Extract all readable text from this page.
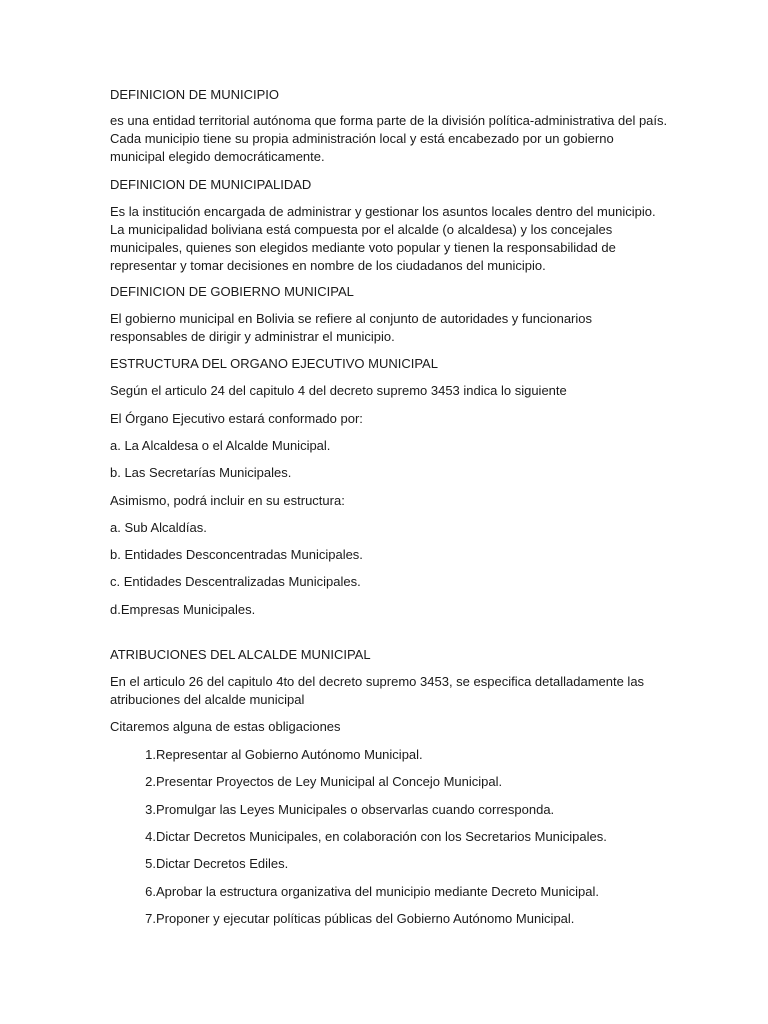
DEFINICION DE MUNICIPIO

es una entidad territorial autónoma que forma parte de la división política-administrativa del país. Cada municipio tiene su propia administración local y está encabezado por un gobierno municipal elegido democráticamente.

DEFINICION DE MUNICIPALIDAD

Es la institución encargada de administrar y gestionar los asuntos locales dentro del municipio. La municipalidad boliviana está compuesta por el alcalde (o alcaldesa) y los concejales municipales, quienes son elegidos mediante voto popular y tienen la responsabilidad de representar y tomar decisiones en nombre de los ciudadanos del municipio.

DEFINICION DE GOBIERNO MUNICIPAL

El gobierno municipal en Bolivia se refiere al conjunto de autoridades y funcionarios responsables de dirigir y administrar el municipio.

ESTRUCTURA DEL ORGANO EJECUTIVO MUNICIPAL

Según el articulo 24 del capitulo 4 del decreto supremo 3453 indica lo siguiente

El Órgano Ejecutivo estará conformado por:

a. La Alcaldesa o el Alcalde Municipal.

b. Las Secretarías Municipales.

Asimismo, podrá incluir en su estructura:

a. Sub Alcaldías.

b. Entidades Desconcentradas Municipales.

c. Entidades Descentralizadas Municipales.

d.Empresas Municipales.

ATRIBUCIONES DEL ALCALDE MUNICIPAL

En el articulo 26 del capitulo 4to del decreto supremo 3453, se especifica detalladamente las atribuciones del alcalde municipal

Citaremos alguna de estas obligaciones

1. Representar al Gobierno Autónomo Municipal.
2. Presentar Proyectos de Ley Municipal al Concejo Municipal.
3. Promulgar las Leyes Municipales o observarlas cuando corresponda.
4. Dictar Decretos Municipales, en colaboración con los Secretarios Municipales.
5. Dictar Decretos Ediles.
6. Aprobar la estructura organizativa del municipio mediante Decreto Municipal.
7. Proponer y ejecutar políticas públicas del Gobierno Autónomo Municipal.
